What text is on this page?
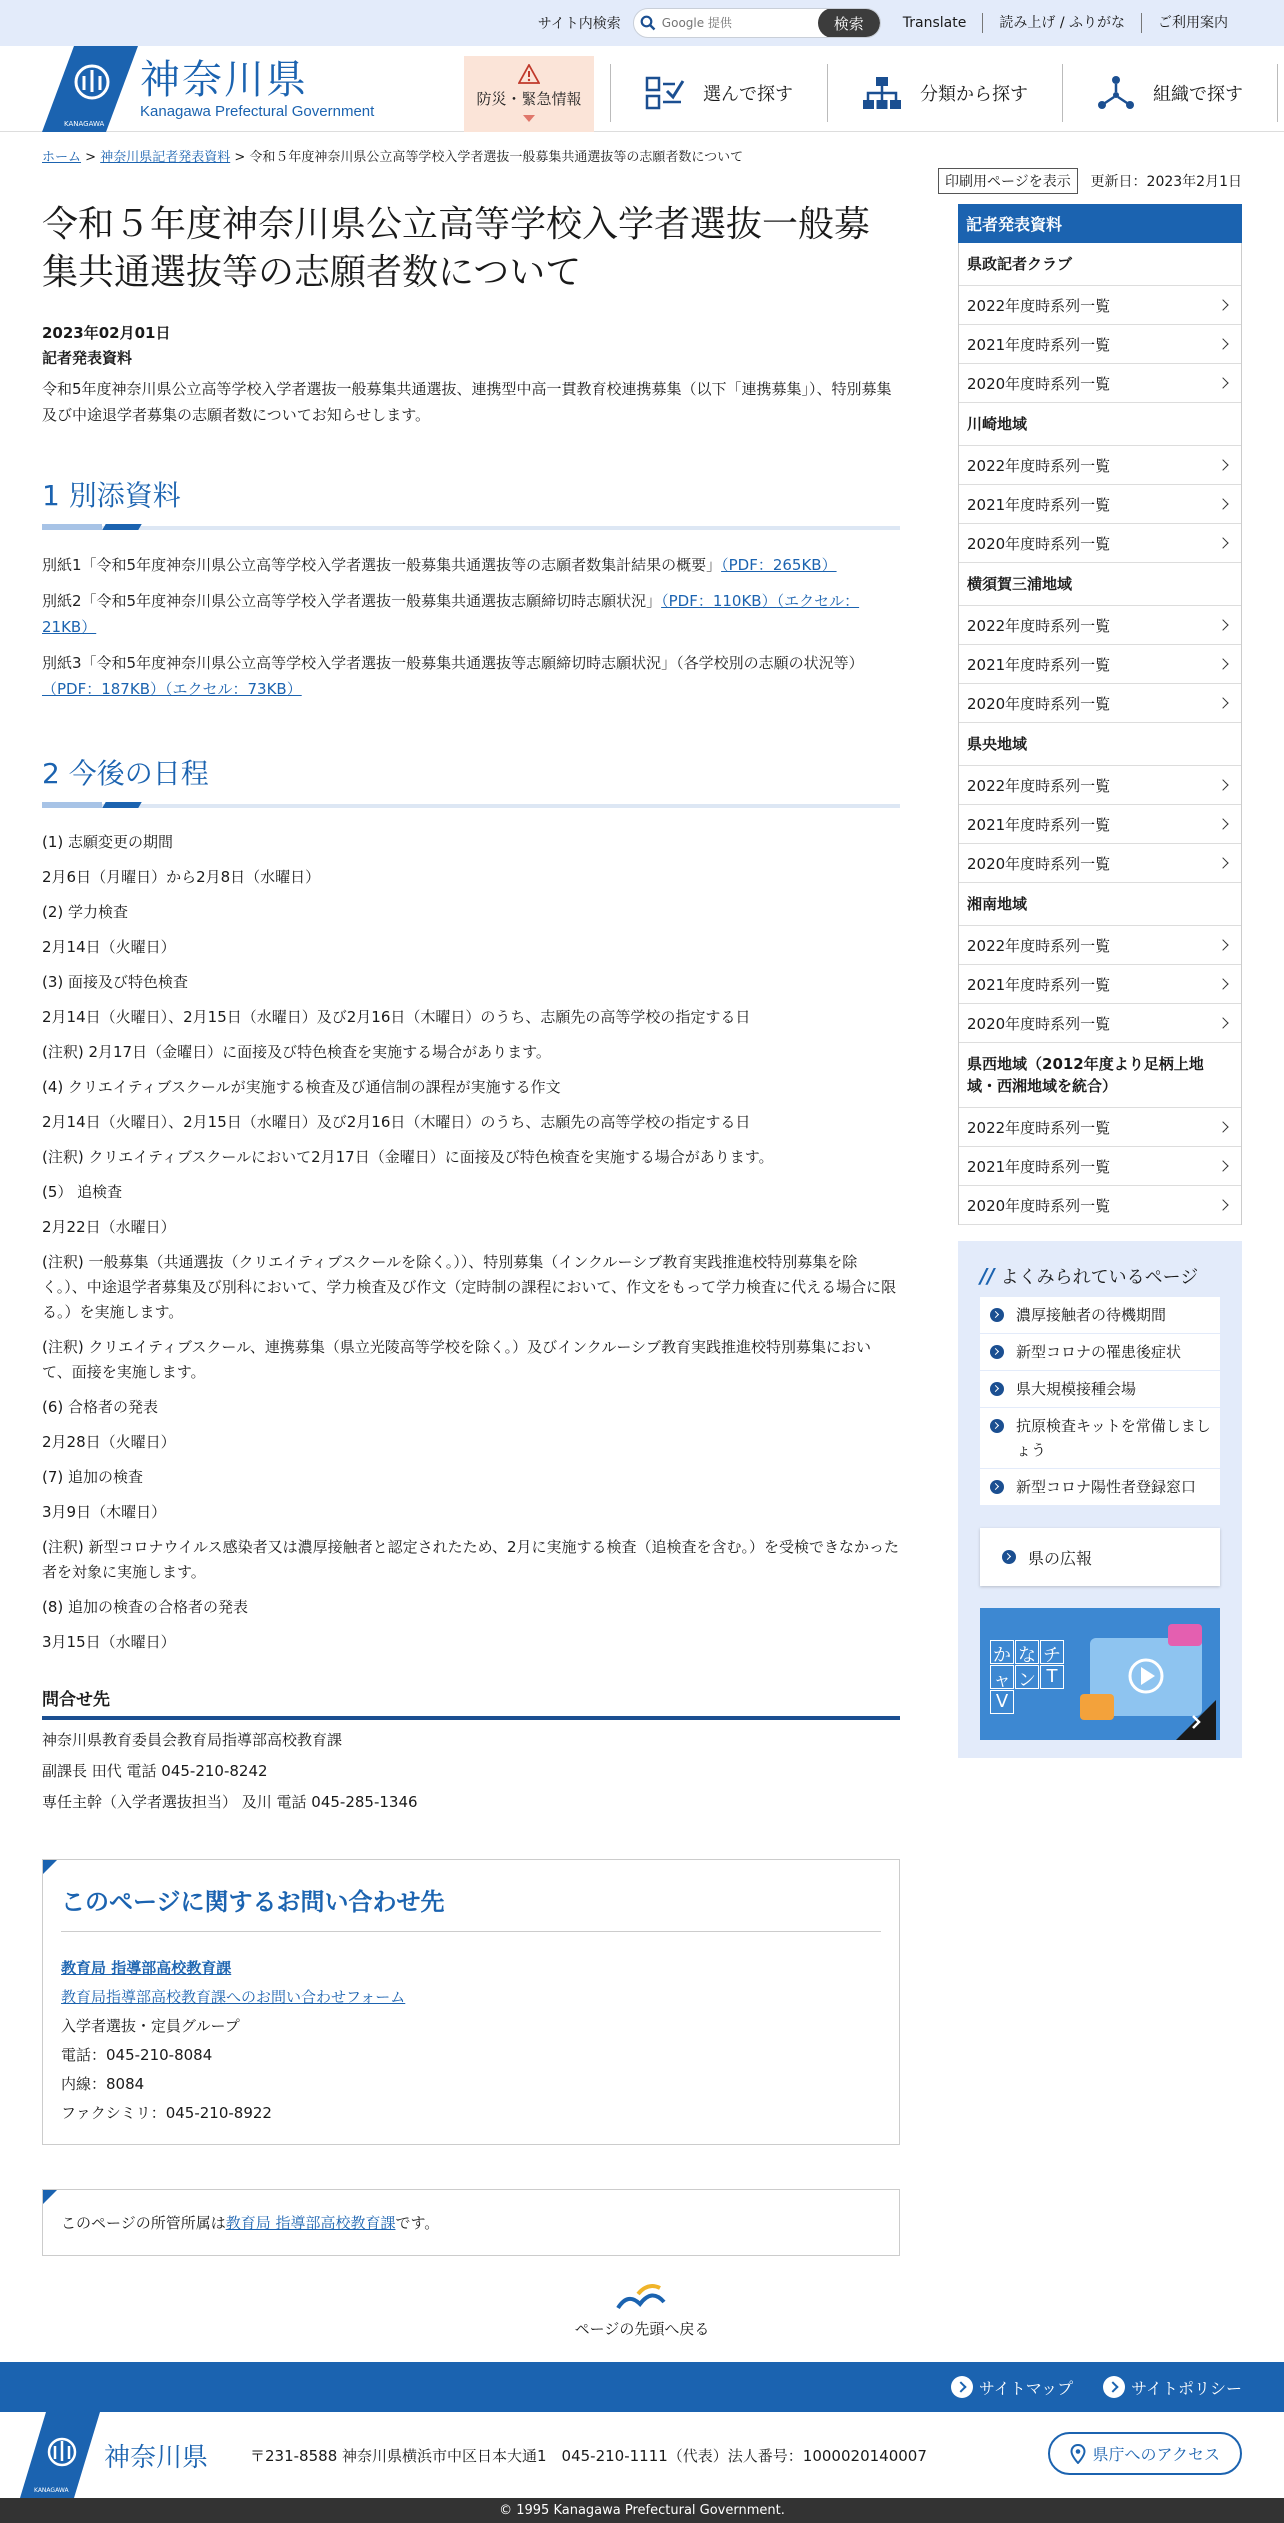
サイト内検索
Google 提供	検索	Translate	読み上げ / ふりがな	ご利用案内
KANAGAWA
神奈川県
Kanagawa Prefectural Government
防災・緊急情報	選んで探す	分類から探す	組織で探す
ホーム > 神奈川県記者発表資料 > 令和５年度神奈川県公立高等学校入学者選抜一般募集共通選抜等の志願者数について
印刷用ページを表示	更新日：2023年2月1日
令和５年度神奈川県公立高等学校入学者選抜一般募集共通選抜等の志願者数について
2023年02月01日
記者発表資料

令和5年度神奈川県公立高等学校入学者選抜一般募集共通選抜、連携型中高一貫教育校連携募集（以下「連携募集」）、特別募集及び中途退学者募集の志願者数についてお知らせします。

1 別添資料

別紙1「令和5年度神奈川県公立高等学校入学者選抜一般募集共通選抜等の志願者数集計結果の概要」（PDF：265KB）

別紙2「令和5年度神奈川県公立高等学校入学者選抜一般募集共通選抜志願締切時志願状況」（PDF：110KB）（エクセル：21KB）

別紙3「令和5年度神奈川県公立高等学校入学者選抜一般募集共通選抜等志願締切時志願状況」（各学校別の志願の状況等）（PDF：187KB）（エクセル：73KB）

2 今後の日程

(1) 志願変更の期間

2月6日（月曜日）から2月8日（水曜日）

(2) 学力検査

2月14日（火曜日）

(3) 面接及び特色検査

2月14日（火曜日）、2月15日（水曜日）及び2月16日（木曜日）のうち、志願先の高等学校の指定する日

(注釈) 2月17日（金曜日）に面接及び特色検査を実施する場合があります。

(4) クリエイティブスクールが実施する検査及び通信制の課程が実施する作文

2月14日（火曜日）、2月15日（水曜日）及び2月16日（木曜日）のうち、志願先の高等学校の指定する日

(注釈) クリエイティブスクールにおいて2月17日（金曜日）に面接及び特色検査を実施する場合があります。

(5） 追検査

2月22日（水曜日）

(注釈) 一般募集（共通選抜（クリエイティブスクールを除く。））、特別募集（インクルーシブ教育実践推進校特別募集を除く。）、中途退学者募集及び別科において、学力検査及び作文（定時制の課程において、作文をもって学力検査に代える場合に限る。）を実施します。

(注釈) クリエイティブスクール、連携募集（県立光陵高等学校を除く。）及びインクルーシブ教育実践推進校特別募集において、面接を実施します。

(6) 合格者の発表

2月28日（火曜日）

(7) 追加の検査

3月9日（木曜日）

(注釈) 新型コロナウイルス感染者又は濃厚接触者と認定されたため、2月に実施する検査（追検査を含む。）を受検できなかった者を対象に実施します。

(8) 追加の検査の合格者の発表

3月15日（水曜日）

問合せ先

神奈川県教育委員会教育局指導部高校教育課

副課長 田代 電話 045-210-8242

専任主幹（入学者選抜担当） 及川 電話 045-285-1346

このページに関するお問い合わせ先

教育局 指導部高校教育課

教育局指導部高校教育課へのお問い合わせフォーム

入学者選抜・定員グループ

電話：045-210-8084

内線：8084

ファクシミリ：045-210-8922

このページの所管所属は教育局 指導部高校教育課です。
記者発表資料
県政記者クラブ
2022年度時系列一覧
2021年度時系列一覧
2020年度時系列一覧
川崎地域
2022年度時系列一覧
2021年度時系列一覧
2020年度時系列一覧
横須賀三浦地域
2022年度時系列一覧
2021年度時系列一覧
2020年度時系列一覧
県央地域
2022年度時系列一覧
2021年度時系列一覧
2020年度時系列一覧
湘南地域
2022年度時系列一覧
2021年度時系列一覧
2020年度時系列一覧
県西地域（2012年度より足柄上地域・西湘地域を統合）
2022年度時系列一覧
2021年度時系列一覧
2020年度時系列一覧
// よくみられているページ
濃厚接触者の待機期間
新型コロナの罹患後症状
県大規模接種会場
抗原検査キットを常備しましょう
新型コロナ陽性者登録窓口
県の広報
か な チ
ャ ン T
V
ページの先頭へ戻る
サイトマップ	サイトポリシー
KANAGAWA
神奈川県	〒231-8588 神奈川県横浜市中区日本大通1　045-210-1111（代表）法人番号：1000020140007	県庁へのアクセス
© 1995 Kanagawa Prefectural Government.
